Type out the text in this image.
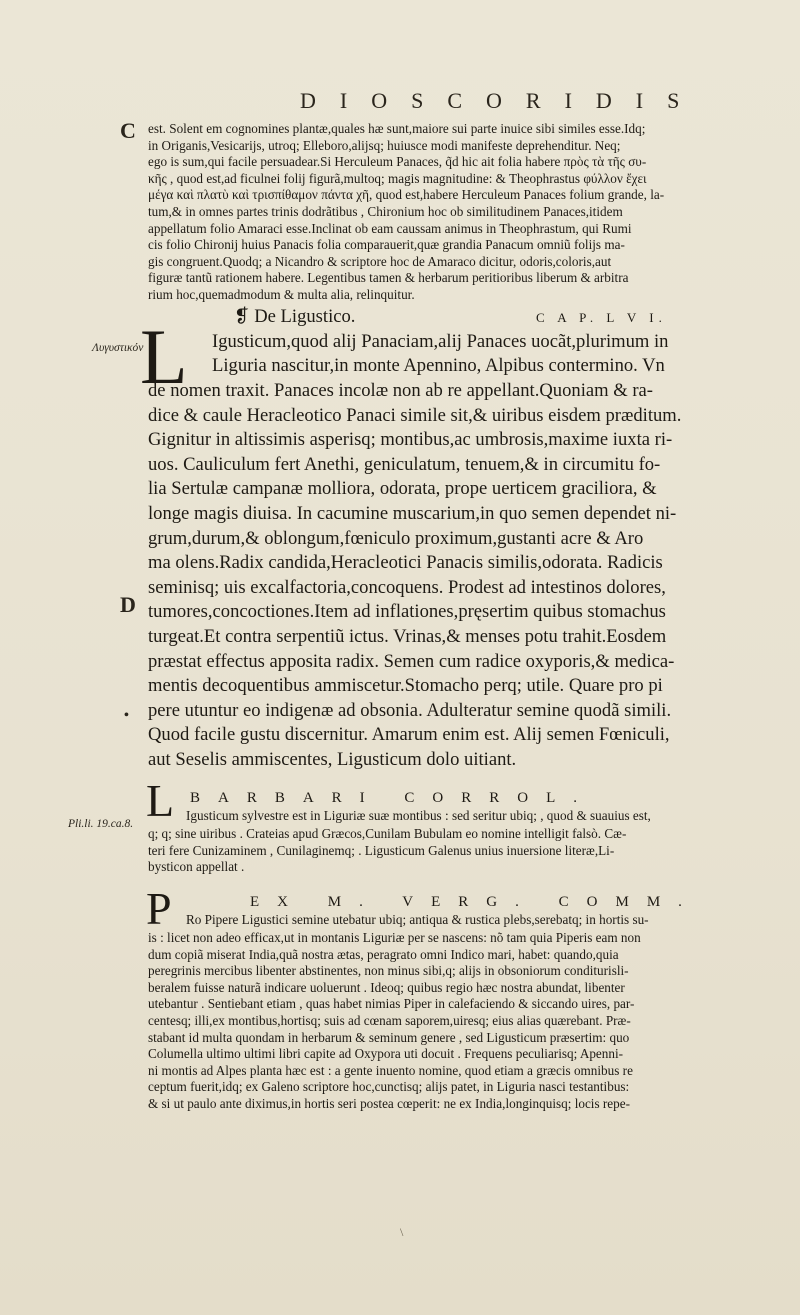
DIOSCORIDIS
C
Λυγυστικόν
D
•
Pli.li. 19.ca.8.
est. Solent em cognomines plantæ,quales hæ sunt,maiore sui parte inuice sibi similes esse.Idq;
in Origanis,Vesicarijs, utroq; Elleboro,alijsq; huiusce modi manifeste deprehenditur. Neq;
ego is sum,qui facile persuadear.Si Herculeum Panaces, q̃d hic ait folia habere πρὸς τὰ τῆς συ-
κῆς , quod est,ad ficulnei folij figurã,multoq; magis magnitudine: & Theophrastus φύλλον ἔχει
μέγα καὶ πλατὺ καὶ τρισπίθαμον πάντα χῆ, quod est,habere Herculeum Panaces folium grande, la-
tum,& in omnes partes trinis dodrãtibus , Chironium hoc ob similitudinem Panaces,itidem
appellatum folio Amaraci esse.Inclinat ob eam caussam animus in Theophrastum, qui Rumi
cis folio Chironij huius Panacis folia comparauerit,quæ grandia Panacum omniũ folijs ma-
gis congruent.Quodq; a Nicandro & scriptore hoc de Amaraco dicitur, odoris,coloris,aut
figuræ tantũ rationem habere. Legentibus tamen & herbarum peritioribus liberum & arbitra
rium hoc,quemadmodum & multa alia, relinquitur.
❡ De Ligustico.	C A P. L V I.
L Igusticum,quod alij Panaciam,alij Panaces uocãt,plurimum in
Liguria nascitur,in monte Apennino, Alpibus contermino. Vn
de nomen traxit. Panaces incolæ non ab re appellant.Quoniam & ra-
dice & caule Heracleotico Panaci simile sit,& uiribus eisdem præditum.
Gignitur in altissimis asperisq; montibus,ac umbrosis,maxime iuxta ri-
uos. Cauliculum fert Anethi, geniculatum, tenuem,& in circumitu fo-
lia Sertulæ campanæ molliora, odorata, prope uerticem graciliora, &
longe magis diuisa. In cacumine muscarium,in quo semen dependet ni-
grum,durum,& oblongum,fœniculo proximum,gustanti acre & Aro
ma olens.Radix candida,Heracleotici Panacis similis,odorata. Radicis
seminisq; uis excalfactoria,concoquens. Prodest ad intestinos dolores,
tumores,concoctiones.Item ad inflationes,pręsertim quibus stomachus
turgeat.Et contra serpentiũ ictus. Vrinas,& menses potu trahit.Eosdem
præstat effectus apposita radix. Semen cum radice oxyporis,& medica-
mentis decoquentibus ammiscetur.Stomacho perq; utile. Quare pro pi
pere utuntur eo indigenæ ad obsonia. Adulteratur semine quodã simili.
Quod facile gustu discernitur. Amarum enim est. Alij semen Fœniculi,
aut Seselis ammiscentes, Ligusticum dolo uitiant.
L BARBARI CORROL.
Igusticum sylvestre est in Liguriæ suæ montibus : sed seritur ubiq; , quod & suauius est,
q; q; sine uiribus . Crateias apud Græcos,Cunilam Bubulam eo nomine intelligit falsò. Cæ-
teri fere Cunizaminem , Cunilaginemq; . Ligusticum Galenus unius inuersione literæ,Li-
bysticon appellat .
P	EX M. VERG. COMM.
Ro Pipere Ligustici semine utebatur ubiq; antiqua & rustica plebs,serebatq; in hortis su-
is : licet non adeo efficax,ut in montanis Liguriæ per se nascens: nõ tam quia Piperis eam non
dum copiã miserat India,quã nostra ætas, peragrato omni Indico mari, habet: quando,quia
peregrinis mercibus libenter abstinentes, non minus sibi,q; alijs in obsoniorum conditurisli-
beralem fuisse naturã indicare uoluerunt . Ideoq; quibus regio hæc nostra abundat, libenter
utebantur . Sentiebant etiam , quas habet nimias Piper in calefaciendo & siccando uires, par-
centesq; illi,ex montibus,hortisq; suis ad cœnam saporem,uiresq; eius alias quærebant. Præ-
stabant id multa quondam in herbarum & seminum genere , sed Ligusticum præsertim: quo
Columella ultimo ultimi libri capite ad Oxypora uti docuit . Frequens peculiarisq; Apenni-
ni montis ad Alpes planta hæc est : a gente inuento nomine, quod etiam a græcis omnibus re
ceptum fuerit,idq; ex Galeno scriptore hoc,cunctisq; alijs patet, in Liguria nasci testantibus:
& si ut paulo ante diximus,in hortis seri postea cœperit: ne ex India,longinquisq; locis repe-
\
